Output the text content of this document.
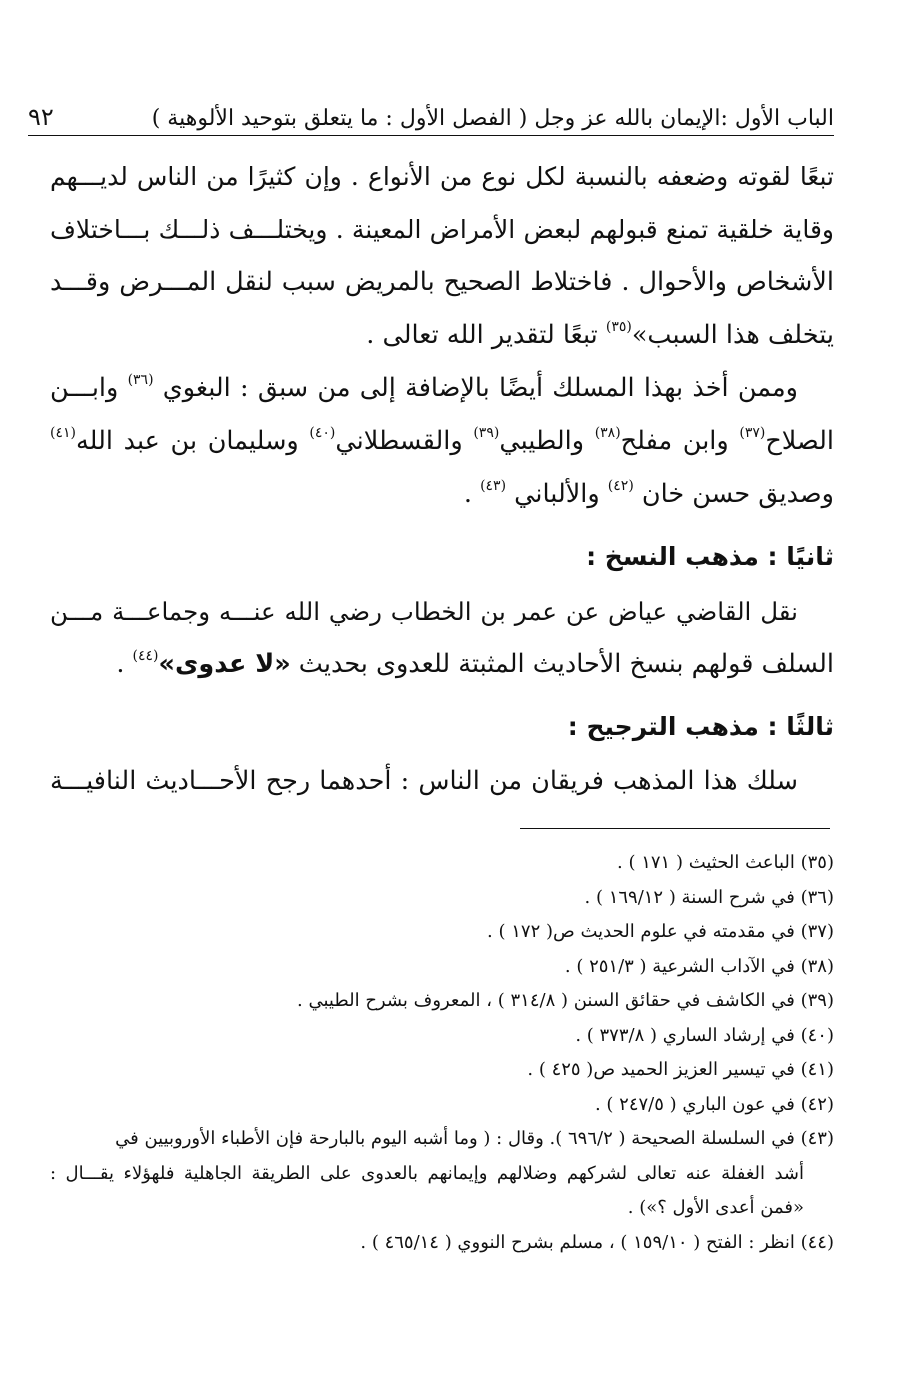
الباب الأول :الإيمان بالله عز وجل ( الفصل الأول : ما يتعلق بتوحيد الألوهية )
٩٢

تبعًا لقوته وضعفه بالنسبة لكل نوع من الأنواع . وإن كثيرًا من الناس لديـــهم
وقاية خلقية تمنع قبولهم لبعض الأمراض المعينة . ويختلـــف ذلـــك بـــاختلاف
الأشخاص والأحوال . فاختلاط الصحيح بالمريض سبب لنقل المـــرض وقـــد
يتخلف هذا السبب»$^{(٣٥)}$ تبعًا لتقدير الله تعالى .

وممن أخذ بهذا المسلك أيضًا بالإضافة إلى من سبق : البغوي $^{(٣٦)}$ وابـــن
الصلاح$^{(٣٧)}$ وابن مفلح$^{(٣٨)}$ والطيبي$^{(٣٩)}$ والقسطلاني$^{(٤٠)}$ وسليمان بن عبد الله$^{(٤١)}$
وصديق حسن خان $^{(٤٢)}$ والألباني $^{(٤٣)}$ .

ثانيًا : مذهب النسخ :

نقل القاضي عياض عن عمر بن الخطاب رضي الله عنـــه وجماعـــة مـــن
السلف قولهم بنسخ الأحاديث المثبتة للعدوى بحديث «لا عدوى»$^{(٤٤)}$ .

ثالثًا : مذهب الترجيح :

سلك هذا المذهب فريقان من الناس : أحدهما رجح الأحـــاديث النافيـــة

(٣٥) الباعث الحثيث ( ١٧١ ) .
(٣٦) في شرح السنة ( ١٦٩/١٢ ) .
(٣٧) في مقدمته في علوم الحديث ص( ١٧٢ ) .
(٣٨) في الآداب الشرعية ( ٢٥١/٣ ) .
(٣٩) في الكاشف في حقائق السنن ( ٣١٤/٨ ) ، المعروف بشرح الطيبي .
(٤٠) في إرشاد الساري ( ٣٧٣/٨ ) .
(٤١) في تيسير العزيز الحميد ص( ٤٢٥ ) .
(٤٢) في عون الباري ( ٢٤٧/٥ ) .
(٤٣) في السلسلة الصحيحة ( ٦٩٦/٢ ). وقال : ( وما أشبه اليوم بالبارحة فإن الأطباء الأوروبيين في
أشد الغفلة عنه تعالى لشركهم وضلالهم وإيمانهم بالعدوى على الطريقة الجاهلية فلهؤلاء يقـــال :
«فمن أعدى الأول ؟») .
(٤٤) انظر : الفتح ( ١٥٩/١٠ ) ، مسلم بشرح النووي ( ٤٦٥/١٤ ) .
